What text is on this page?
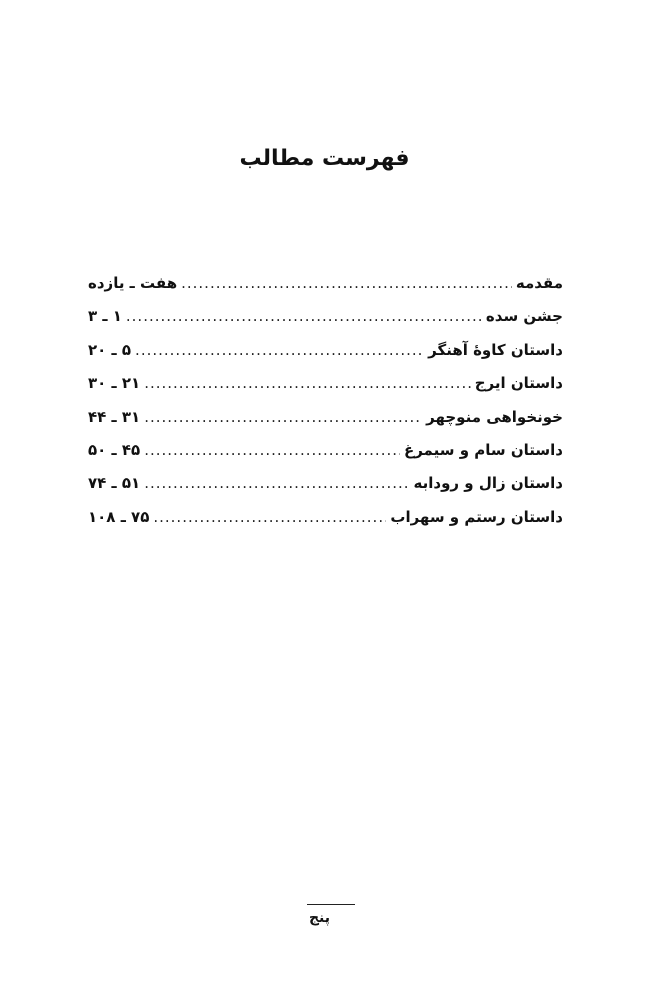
فهرست مطالب
مقدمه
.....
هفت ـ یازده
جشن سده
.....
۱ ـ ۳
داستان کاوهٔ آهنگر
.....
۵ ـ ۲۰
داستان ایرج
.....
۲۱ ـ ۳۰
خونخواهی منوچهر
.....
۳۱ ـ ۴۴
داستان سام و سیمرغ
.....
۴۵ ـ ۵۰
داستان زال و رودابه
.....
۵۱ ـ ۷۴
داستان رستم و سهراب
.....
۷۵ ـ ۱۰۸
پنج
